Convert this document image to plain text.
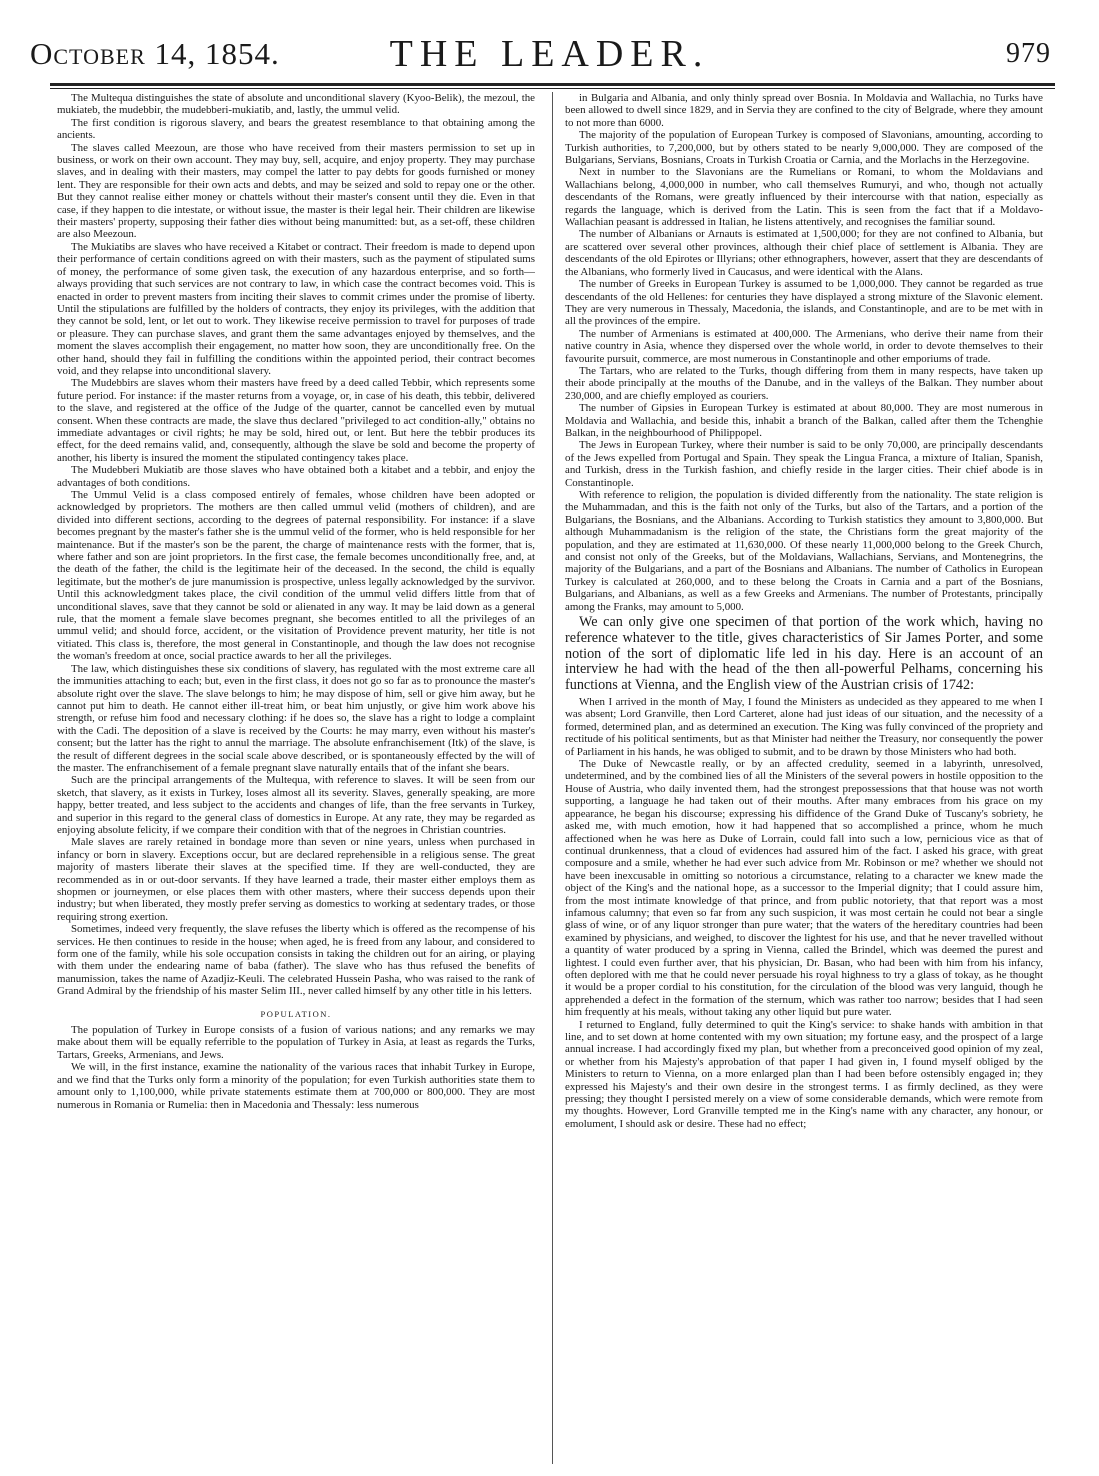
October 14, 1854.	THE LEADER.	979

The Multequa distinguishes the state of absolute and unconditional slavery (Kyoo-Belik), the mezoul, the mukiateb, the mudebbir, the mudebberi-mukiatib, and, lastly, the ummul velid.

The first condition is rigorous slavery, and bears the greatest resemblance to that obtaining among the ancients.

The slaves called Meezoun, are those who have received from their masters permission to set up in business, or work on their own account. They may buy, sell, acquire, and enjoy property. They may purchase slaves, and in dealing with their masters, may compel the latter to pay debts for goods furnished or money lent. They are responsible for their own acts and debts, and may be seized and sold to repay one or the other. But they cannot realise either money or chattels without their master's consent until they die. Even in that case, if they happen to die intestate, or without issue, the master is their legal heir. Their children are likewise their masters' property, supposing their father dies without being manumitted: but, as a set-off, these children are also Meezoun.

The Mukiatibs are slaves who have received a Kitabet or contract. Their freedom is made to depend upon their performance of certain conditions agreed on with their masters, such as the payment of stipulated sums of money, the performance of some given task, the execution of any hazardous enterprise, and so forth—always providing that such services are not contrary to law, in which case the contract becomes void. This is enacted in order to prevent masters from inciting their slaves to commit crimes under the promise of liberty. Until the stipulations are fulfilled by the holders of contracts, they enjoy its privileges, with the addition that they cannot be sold, lent, or let out to work. They likewise receive permission to travel for purposes of trade or pleasure. They can purchase slaves, and grant them the same advantages enjoyed by themselves, and the moment the slaves accomplish their engagement, no matter how soon, they are unconditionally free. On the other hand, should they fail in fulfilling the conditions within the appointed period, their contract becomes void, and they relapse into unconditional slavery.

The Mudebbirs are slaves whom their masters have freed by a deed called Tebbir, which represents some future period. For instance: if the master returns from a voyage, or, in case of his death, this tebbir, delivered to the slave, and registered at the office of the Judge of the quarter, cannot be cancelled even by mutual consent. When these contracts are made, the slave thus declared "privileged to act condition-ally," obtains no immediate advantages or civil rights; he may be sold, hired out, or lent. But here the tebbir produces its effect, for the deed remains valid, and, consequently, although the slave be sold and become the property of another, his liberty is insured the moment the stipulated contingency takes place.

The Mudebberi Mukiatib are those slaves who have obtained both a kitabet and a tebbir, and enjoy the advantages of both conditions.

The Ummul Velid is a class composed entirely of females, whose children have been adopted or acknowledged by proprietors. The mothers are then called ummul velid (mothers of children), and are divided into different sections, according to the degrees of paternal responsibility. For instance: if a slave becomes pregnant by the master's father she is the ummul velid of the former, who is held responsible for her maintenance. But if the master's son be the parent, the charge of maintenance rests with the former, that is, where father and son are joint proprietors. In the first case, the female becomes unconditionally free, and, at the death of the father, the child is the legitimate heir of the deceased. In the second, the child is equally legitimate, but the mother's de jure manumission is prospective, unless legally acknowledged by the survivor. Until this acknowledgment takes place, the civil condition of the ummul velid differs little from that of unconditional slaves, save that they cannot be sold or alienated in any way. It may be laid down as a general rule, that the moment a female slave becomes pregnant, she becomes entitled to all the privileges of an ummul velid; and should force, accident, or the visitation of Providence prevent maturity, her title is not vitiated. This class is, therefore, the most general in Constantinople, and though the law does not recognise the woman's freedom at once, social practice awards to her all the privileges.

The law, which distinguishes these six conditions of slavery, has regulated with the most extreme care all the immunities attaching to each; but, even in the first class, it does not go so far as to pronounce the master's absolute right over the slave. The slave belongs to him; he may dispose of him, sell or give him away, but he cannot put him to death. He cannot either ill-treat him, or beat him unjustly, or give him work above his strength, or refuse him food and necessary clothing: if he does so, the slave has a right to lodge a complaint with the Cadi. The deposition of a slave is received by the Courts: he may marry, even without his master's consent; but the latter has the right to annul the marriage. The absolute enfranchisement (Itk) of the slave, is the result of different degrees in the social scale above described, or is spontaneously effected by the will of the master. The enfranchisement of a female pregnant slave naturally entails that of the infant she bears.

Such are the principal arrangements of the Multequa, with reference to slaves. It will be seen from our sketch, that slavery, as it exists in Turkey, loses almost all its severity. Slaves, generally speaking, are more happy, better treated, and less subject to the accidents and changes of life, than the free servants in Turkey, and superior in this regard to the general class of domestics in Europe. At any rate, they may be regarded as enjoying absolute felicity, if we compare their condition with that of the negroes in Christian countries.

Male slaves are rarely retained in bondage more than seven or nine years, unless when purchased in infancy or born in slavery. Exceptions occur, but are declared reprehensible in a religious sense. The great majority of masters liberate their slaves at the specified time. If they are well-conducted, they are recommended as in or out-door servants. If they have learned a trade, their master either employs them as shopmen or journeymen, or else places them with other masters, where their success depends upon their industry; but when liberated, they mostly prefer serving as domestics to working at sedentary trades, or those requiring strong exertion.

Sometimes, indeed very frequently, the slave refuses the liberty which is offered as the recompense of his services. He then continues to reside in the house; when aged, he is freed from any labour, and considered to form one of the family, while his sole occupation consists in taking the children out for an airing, or playing with them under the endearing name of baba (father). The slave who has thus refused the benefits of manumission, takes the name of Azadjiz-Keuli. The celebrated Hussein Pasha, who was raised to the rank of Grand Admiral by the friendship of his master Selim III., never called himself by any other title in his letters.

POPULATION.

The population of Turkey in Europe consists of a fusion of various nations; and any remarks we may make about them will be equally referrible to the population of Turkey in Asia, at least as regards the Turks, Tartars, Greeks, Armenians, and Jews.

We will, in the first instance, examine the nationality of the various races that inhabit Turkey in Europe, and we find that the Turks only form a minority of the population; for even Turkish authorities state them to amount only to 1,100,000, while private statements estimate them at 700,000 or 800,000. They are most numerous in Romania or Rumelia: then in Macedonia and Thessaly: less numerous

in Bulgaria and Albania, and only thinly spread over Bosnia. In Moldavia and Wallachia, no Turks have been allowed to dwell since 1829, and in Servia they are confined to the city of Belgrade, where they amount to not more than 6000.

The majority of the population of European Turkey is composed of Slavonians, amounting, according to Turkish authorities, to 7,200,000, but by others stated to be nearly 9,000,000. They are composed of the Bulgarians, Servians, Bosnians, Croats in Turkish Croatia or Carnia, and the Morlachs in the Herzegovine.

Next in number to the Slavonians are the Rumelians or Romani, to whom the Moldavians and Wallachians belong, 4,000,000 in number, who call themselves Rumuryi, and who, though not actually descendants of the Romans, were greatly influenced by their intercourse with that nation, especially as regards the language, which is derived from the Latin. This is seen from the fact that if a Moldavo-Wallachian peasant is addressed in Italian, he listens attentively, and recognises the familiar sound.

The number of Albanians or Arnauts is estimated at 1,500,000; for they are not confined to Albania, but are scattered over several other provinces, although their chief place of settlement is Albania. They are descendants of the old Epirotes or Illyrians; other ethnographers, however, assert that they are descendants of the Albanians, who formerly lived in Caucasus, and were identical with the Alans.

The number of Greeks in European Turkey is assumed to be 1,000,000. They cannot be regarded as true descendants of the old Hellenes: for centuries they have displayed a strong mixture of the Slavonic element. They are very numerous in Thessaly, Macedonia, the islands, and Constantinople, and are to be met with in all the provinces of the empire.

The number of Armenians is estimated at 400,000. The Armenians, who derive their name from their native country in Asia, whence they dispersed over the whole world, in order to devote themselves to their favourite pursuit, commerce, are most numerous in Constantinople and other emporiums of trade.

The Tartars, who are related to the Turks, though differing from them in many respects, have taken up their abode principally at the mouths of the Danube, and in the valleys of the Balkan. They number about 230,000, and are chiefly employed as couriers.

The number of Gipsies in European Turkey is estimated at about 80,000. They are most numerous in Moldavia and Wallachia, and beside this, inhabit a branch of the Balkan, called after them the Tchenghie Balkan, in the neighbourhood of Philippopel.

The Jews in European Turkey, where their number is said to be only 70,000, are principally descendants of the Jews expelled from Portugal and Spain. They speak the Lingua Franca, a mixture of Italian, Spanish, and Turkish, dress in the Turkish fashion, and chiefly reside in the larger cities. Their chief abode is in Constantinople.

With reference to religion, the population is divided differently from the nationality. The state religion is the Muhammadan, and this is the faith not only of the Turks, but also of the Tartars, and a portion of the Bulgarians, the Bosnians, and the Albanians. According to Turkish statistics they amount to 3,800,000. But although Muhammadanism is the religion of the state, the Christians form the great majority of the population, and they are estimated at 11,630,000. Of these nearly 11,000,000 belong to the Greek Church, and consist not only of the Greeks, but of the Moldavians, Wallachians, Servians, and Montenegrins, the majority of the Bulgarians, and a part of the Bosnians and Albanians. The number of Catholics in European Turkey is calculated at 260,000, and to these belong the Croats in Carnia and a part of the Bosnians, Bulgarians, and Albanians, as well as a few Greeks and Armenians. The number of Protestants, principally among the Franks, may amount to 5,000.

We can only give one specimen of that portion of the work which, having no reference whatever to the title, gives characteristics of Sir James Porter, and some notion of the sort of diplomatic life led in his day. Here is an account of an interview he had with the head of the then all-powerful Pelhams, concerning his functions at Vienna, and the English view of the Austrian crisis of 1742:

When I arrived in the month of May, I found the Ministers as undecided as they appeared to me when I was absent; Lord Granville, then Lord Carteret, alone had just ideas of our situation, and the necessity of a formed, determined plan, and as determined an execution. The King was fully convinced of the propriety and rectitude of his political sentiments, but as that Minister had neither the Treasury, nor consequently the power of Parliament in his hands, he was obliged to submit, and to be drawn by those Ministers who had both.

The Duke of Newcastle really, or by an affected credulity, seemed in a labyrinth, unresolved, undetermined, and by the combined lies of all the Ministers of the several powers in hostile opposition to the House of Austria, who daily invented them, had the strongest prepossessions that that house was not worth supporting, a language he had taken out of their mouths. After many embraces from his grace on my appearance, he began his discourse; expressing his diffidence of the Grand Duke of Tuscany's sobriety, he asked me, with much emotion, how it had happened that so accomplished a prince, whom he much affectioned when he was here as Duke of Lorrain, could fall into such a low, pernicious vice as that of continual drunkenness, that a cloud of evidences had assured him of the fact. I asked his grace, with great composure and a smile, whether he had ever such advice from Mr. Robinson or me? whether we should not have been inexcusable in omitting so notorious a circumstance, relating to a character we knew made the object of the King's and the national hope, as a successor to the Imperial dignity; that I could assure him, from the most intimate knowledge of that prince, and from public notoriety, that that report was a most infamous calumny; that even so far from any such suspicion, it was most certain he could not bear a single glass of wine, or of any liquor stronger than pure water; that the waters of the hereditary countries had been examined by physicians, and weighed, to discover the lightest for his use, and that he never travelled without a quantity of water produced by a spring in Vienna, called the Brindel, which was deemed the purest and lightest. I could even further aver, that his physician, Dr. Basan, who had been with him from his infancy, often deplored with me that he could never persuade his royal highness to try a glass of tokay, as he thought it would be a proper cordial to his constitution, for the circulation of the blood was very languid, though he apprehended a defect in the formation of the sternum, which was rather too narrow; besides that I had seen him frequently at his meals, without taking any other liquid but pure water.

I returned to England, fully determined to quit the King's service: to shake hands with ambition in that line, and to set down at home contented with my own situation; my fortune easy, and the prospect of a large annual increase. I had accordingly fixed my plan, but whether from a preconceived good opinion of my zeal, or whether from his Majesty's approbation of that paper I had given in, I found myself obliged by the Ministers to return to Vienna, on a more enlarged plan than I had been before ostensibly engaged in; they expressed his Majesty's and their own desire in the strongest terms. I as firmly declined, as they were pressing; they thought I persisted merely on a view of some considerable demands, which were remote from my thoughts. However, Lord Granville tempted me in the King's name with any character, any honour, or emolument, I should ask or desire. These had no effect;
